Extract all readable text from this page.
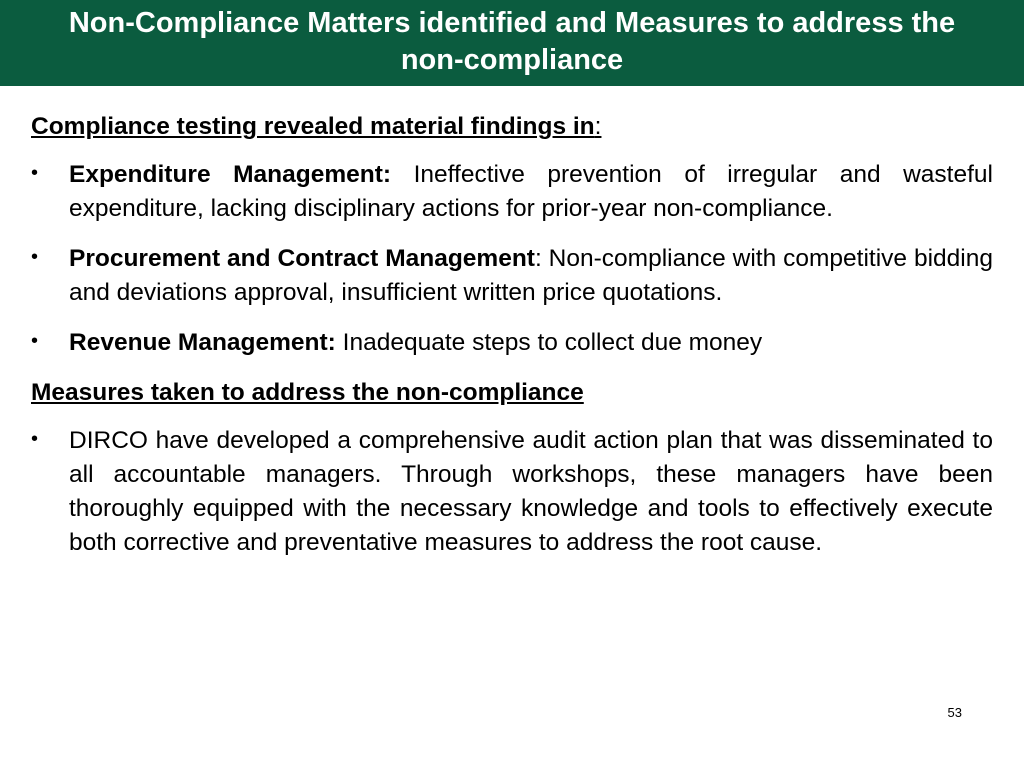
Non-Compliance Matters identified and Measures to address the
non-compliance

Compliance testing revealed material findings in:

• Expenditure Management: Ineffective prevention of irregular and wasteful expenditure, lacking disciplinary actions for prior-year non-compliance.
• Procurement and Contract Management: Non-compliance with competitive bidding and deviations approval, insufficient written price quotations.
• Revenue Management: Inadequate steps to collect due money

Measures taken to address the non-compliance

• DIRCO have developed a comprehensive audit action plan that was disseminated to all accountable managers. Through workshops, these managers have been thoroughly equipped with the necessary knowledge and tools to effectively execute both corrective and preventative measures to address the root cause.
53
